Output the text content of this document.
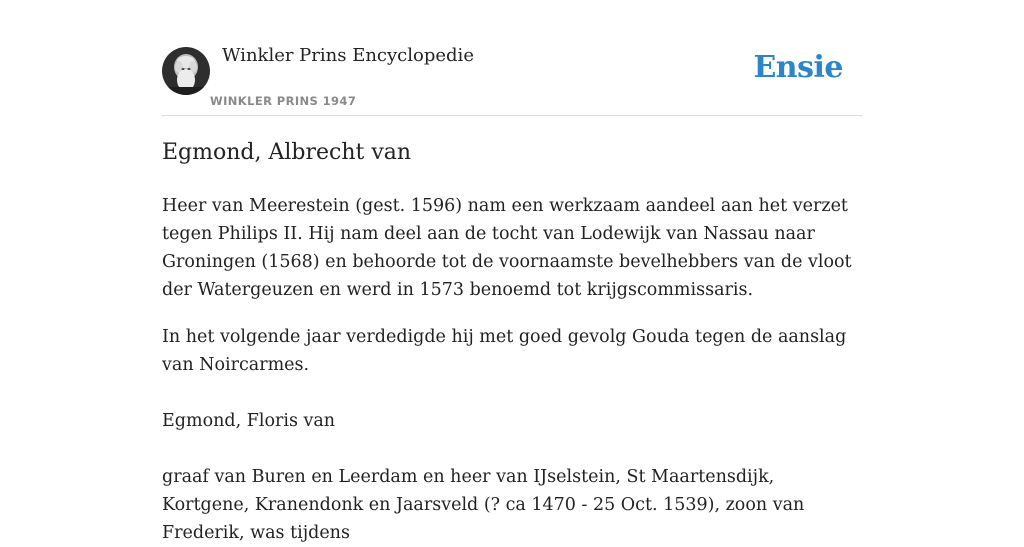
Winkler Prins Encyclopedie
WINKLER PRINS 1947
Ensie
Egmond, Albrecht van

Heer van Meerestein (gest. 1596) nam een werkzaam aandeel aan het verzet tegen Philips II. Hij nam deel aan de tocht van Lodewijk van Nassau naar Groningen (1568) en behoorde tot de voornaamste bevelhebbers van de vloot der Watergeuzen en werd in 1573 benoemd tot krijgscommissaris.

In het volgende jaar verdedigde hij met goed gevolg Gouda tegen de aanslag van Noircarmes.

Egmond, Floris van

graaf van Buren en Leerdam en heer van IJselstein, St Maartensdijk, Kortgene, Kranendonk en Jaarsveld (? ca 1470 - 25 Oct. 1539), zoon van Frederik, was tijdens
